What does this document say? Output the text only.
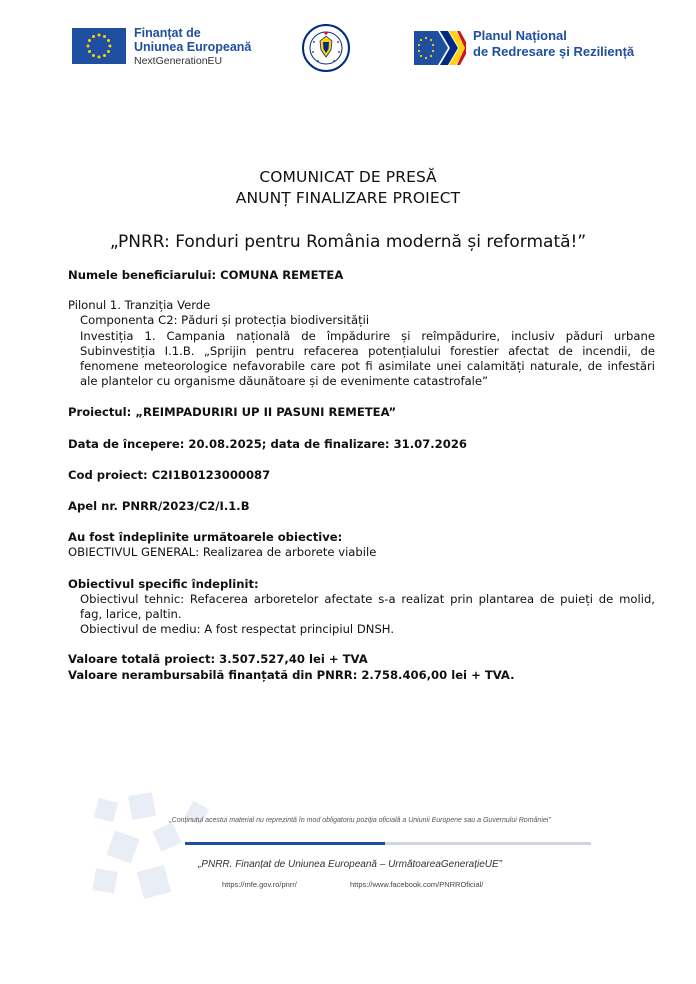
Finanțat de
Uniunea Europeană
NextGenerationEU
Planul Național
de Redresare și Reziliență
COMUNICAT DE PRESĂ
ANUNȚ FINALIZARE PROIECT
„PNRR: Fonduri pentru România modernă și reformată!”

Numele beneficiarului: COMUNA REMETEA

Pilonul 1. Tranziția Verde

Componenta C2: Păduri și protecția biodiversității

Investiția 1. Campania națională de împădurire și reîmpădurire, inclusiv păduri urbane Subinvestiția I.1.B. „Sprijin pentru refacerea potențialului forestier afectat de incendii, de fenomene meteorologice nefavorabile care pot fi asimilate unei calamități naturale, de infestări ale plantelor cu organisme dăunătoare și de evenimente catastrofale”

Proiectul: „REIMPADURIRI UP II PASUNI REMETEA”

Data de începere: 20.08.2025; data de finalizare: 31.07.2026

Cod proiect: C2I1B0123000087

Apel nr. PNRR/2023/C2/I.1.B

Au fost îndeplinite următoarele obiective:

OBIECTIVUL GENERAL: Realizarea de arborete viabile

Obiectivul specific îndeplinit:

Obiectivul tehnic: Refacerea arboretelor afectate s-a realizat prin plantarea de puieți de molid, fag, larice, paltin.

Obiectivul de mediu: A fost respectat principiul DNSH.

Valoare totală proiect: 3.507.527,40 lei + TVA

Valoare nerambursabilă finanțată din PNRR: 2.758.406,00 lei + TVA.

„Conținutul acestui material nu reprezintă în mod obligatoriu poziția oficială a Uniunii Europene sau a Guvernului României”
„PNRR. Finanțat de Uniunea Europeană – UrmătoareaGenerațieUE”
https://mfe.gov.ro/pnrr/	https://www.facebook.com/PNRROficial/
